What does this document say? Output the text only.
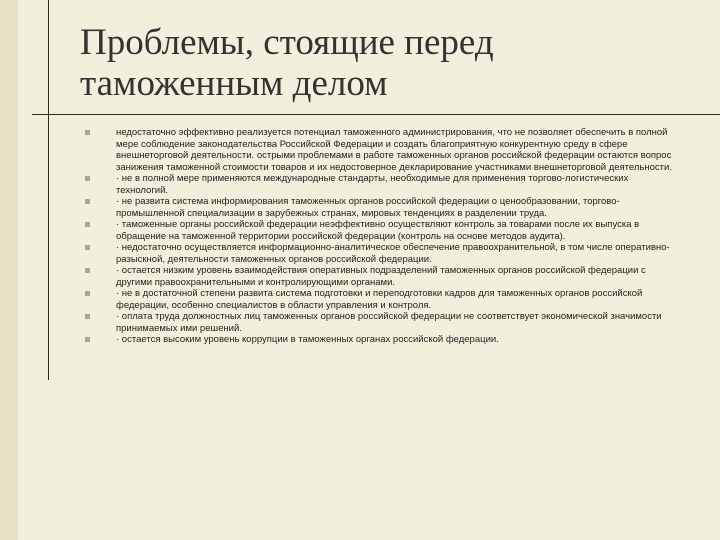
Проблемы, стоящие перед
таможенным делом
недостаточно эффективно реализуется потенциал таможенного администрирования, что не позволяет обеспечить в полной мере соблюдение законодательства Российской Федерации и создать благоприятную конкурентную среду в сфере внешнеторговой деятельности. острыми проблемами в работе таможенных органов российской федерации остаются вопрос занижения таможенной стоимости товаров и их недостоверное декларирование участниками внешнеторговой деятельности.
· не в полной мере применяются международные стандарты, необходимые для применения торгово-логистических технологий.
· не развита система информирования таможенных органов российской федерации о ценообразовании, торгово-промышленной специализации в зарубежных странах, мировых тенденциях в разделении труда.
· таможенные органы российской федерации неэффективно осуществляют контроль за товарами после их выпуска в обращение на таможенной территории российской федерации (контроль на основе методов аудита).
· недостаточно осуществляется информационно-аналитическое обеспечение правоохранительной, в том числе оперативно-разыскной, деятельности таможенных органов российской федерации.
· остается низким уровень взаимодействия оперативных подразделений таможенных органов российской федерации с другими правоохранительными и контролирующими органами.
· не в достаточной степени развита система подготовки и переподготовки кадров для таможенных органов российской федерации, особенно специалистов в области управления и контроля.
· оплата труда должностных лиц таможенных органов российской федерации не соответствует экономической значимости принимаемых ими решений.
· остается высоким уровень коррупции в таможенных органах российской федерации.
